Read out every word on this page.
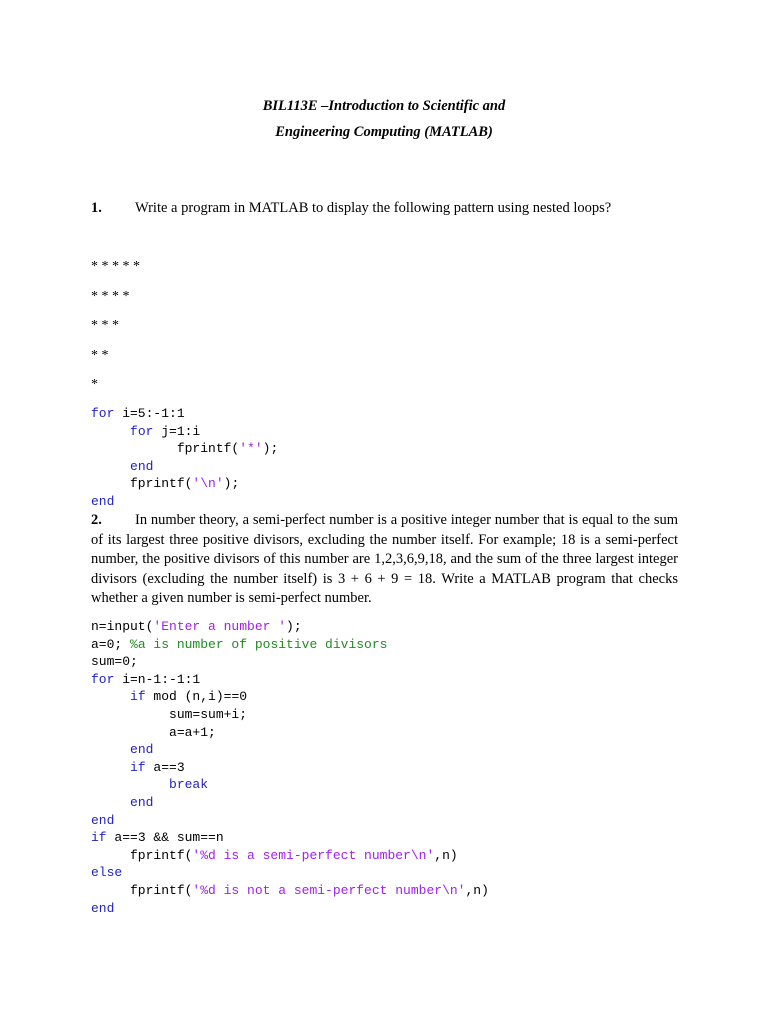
BIL113E –Introduction to Scientific and
Engineering Computing (MATLAB)
1. Write a program in MATLAB to display the following pattern using nested loops?
* * * * *
* * * *
* * *
* *
*
for i=5:-1:1
for j=1:i
fprintf('*');
end
fprintf('\n');
end
2. In number theory, a semi-perfect number is a positive integer number that is equal to the sum of its largest three positive divisors, excluding the number itself. For example; 18 is a semi-perfect number, the positive divisors of this number are 1,2,3,6,9,18, and the sum of the three largest integer divisors (excluding the number itself) is 3 + 6 + 9 = 18. Write a MATLAB program that checks whether a given number is semi-perfect number.
n=input('Enter a number ');
a=0; %a is number of positive divisors
sum=0;
for i=n-1:-1:1
if mod (n,i)==0
sum=sum+i;
a=a+1;
end
if a==3
break
end
end
if a==3 && sum==n
fprintf('%d is a semi-perfect number\n',n)
else
fprintf('%d is not a semi-perfect number\n',n)
end
